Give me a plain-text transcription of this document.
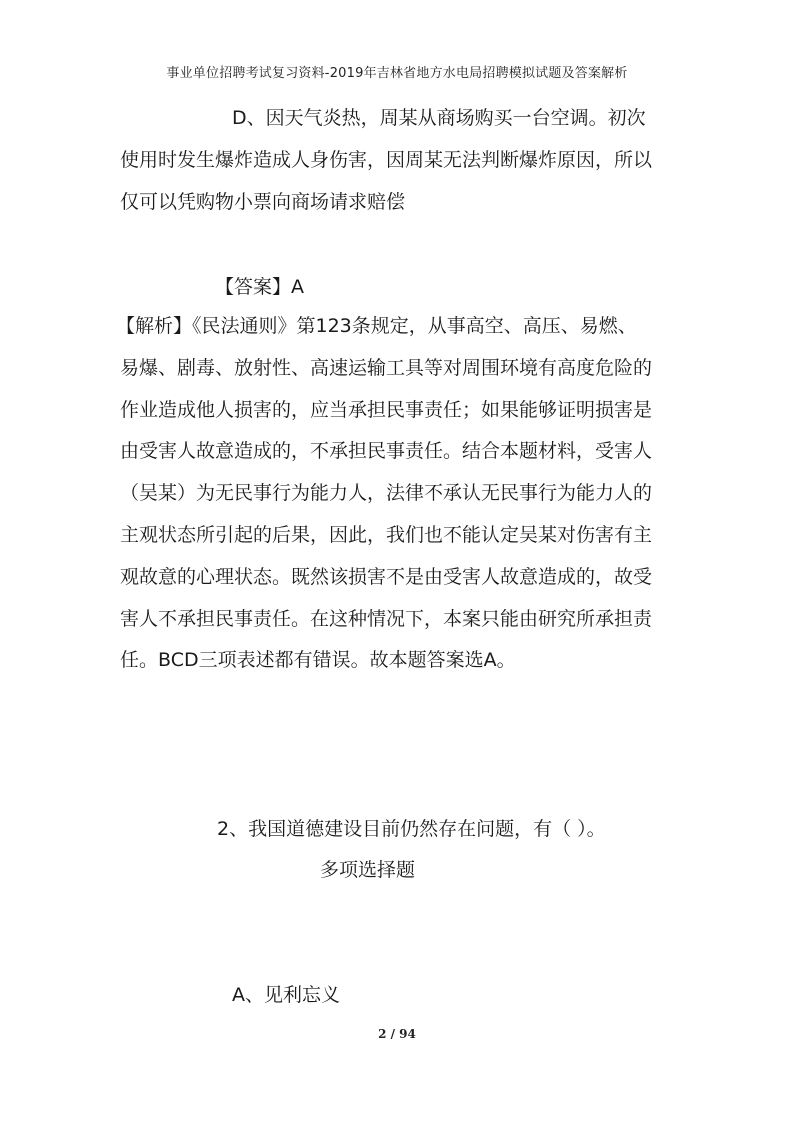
事业单位招聘考试复习资料-2019年吉林省地方水电局招聘模拟试题及答案解析
D、因天气炎热，周某从商场购买一台空调。初次
使用时发生爆炸造成人身伤害，因周某无法判断爆炸原因，所以
仅可以凭购物小票向商场请求赔偿

【答案】A

【解析】《民法通则》第123条规定，从事高空、高压、易燃、
易爆、剧毒、放射性、高速运输工具等对周围环境有高度危险的
作业造成他人损害的，应当承担民事责任；如果能够证明损害是
由受害人故意造成的，不承担民事责任。结合本题材料，受害人
（吴某）为无民事行为能力人，法律不承认无民事行为能力人的
主观状态所引起的后果，因此，我们也不能认定吴某对伤害有主
观故意的心理状态。既然该损害不是由受害人故意造成的，故受
害人不承担民事责任。在这种情况下，本案只能由研究所承担责
任。BCD三项表述都有错误。故本题答案选A。

2、我国道德建设目前仍然存在问题，有（ ）。

多项选择题

A、见利忘义

2 / 94
